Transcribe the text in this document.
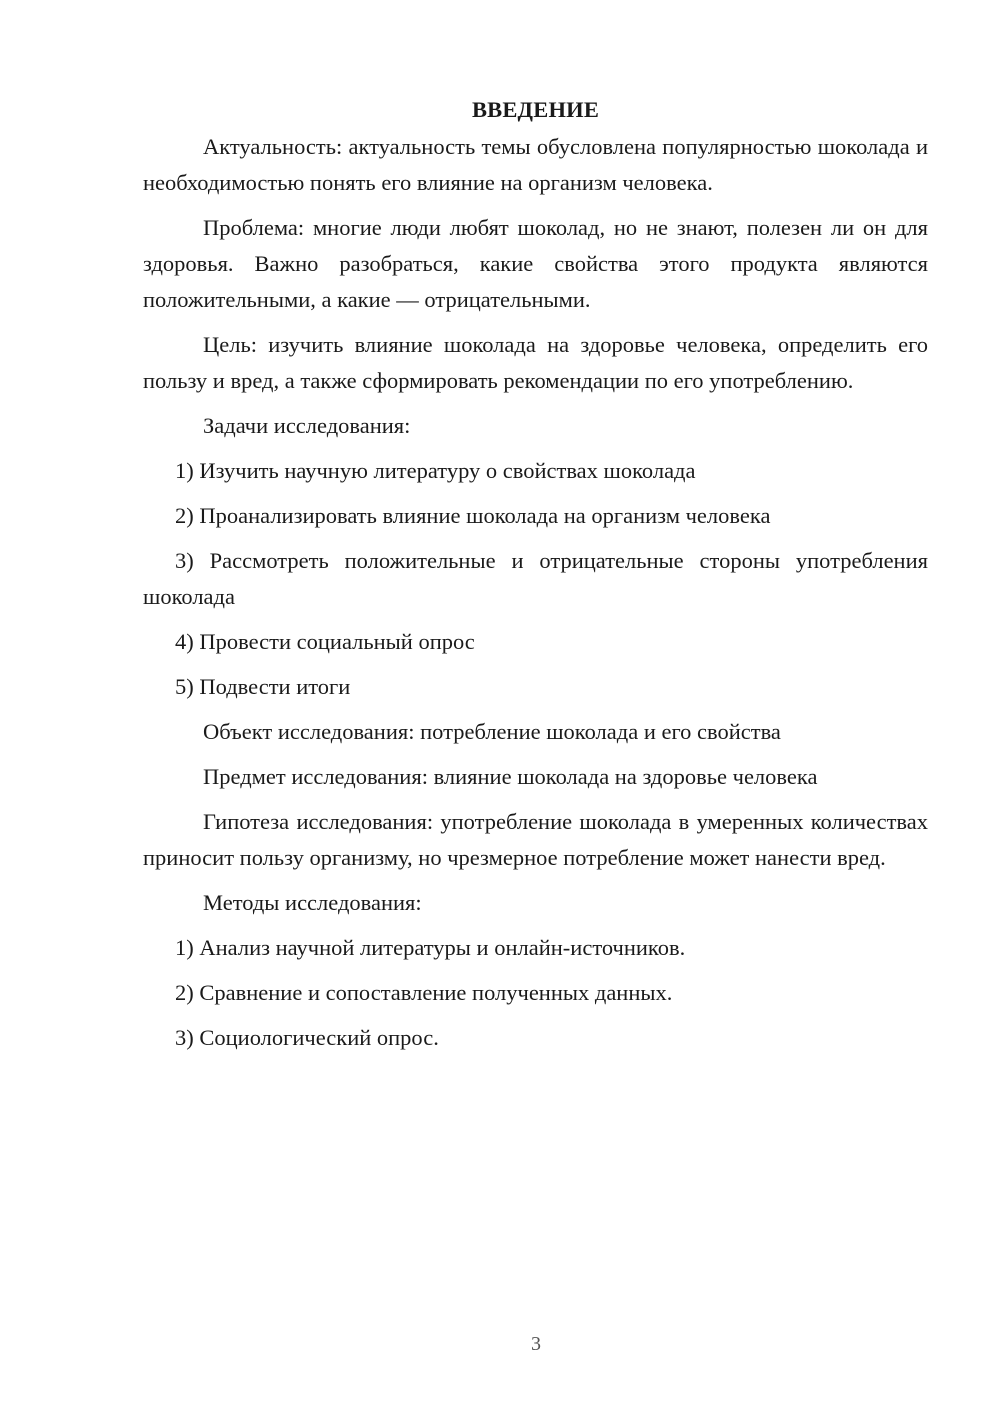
ВВЕДЕНИЕ

Актуальность: актуальность темы обусловлена популярностью шоколада и необходимостью понять его влияние на организм человека.

Проблема: многие люди любят шоколад, но не знают, полезен ли он для здоровья. Важно разобраться, какие свойства этого продукта являются положительными, а какие — отрицательными.

Цель: изучить влияние шоколада на здоровье человека, определить его пользу и вред, а также сформировать рекомендации по его употреблению.

Задачи исследования:

1) Изучить научную литературу о свойствах шоколада

2) Проанализировать влияние шоколада на организм человека

3) Рассмотреть положительные и отрицательные стороны употребления шоколада

4) Провести социальный опрос

5) Подвести итоги

Объект исследования: потребление шоколада и его свойства

Предмет исследования: влияние шоколада на здоровье человека

Гипотеза исследования: употребление шоколада в умеренных количествах приносит пользу организму, но чрезмерное потребление может нанести вред.

Методы исследования:

1) Анализ научной литературы и онлайн-источников.

2) Сравнение и сопоставление полученных данных.

3) Социологический опрос.

3
